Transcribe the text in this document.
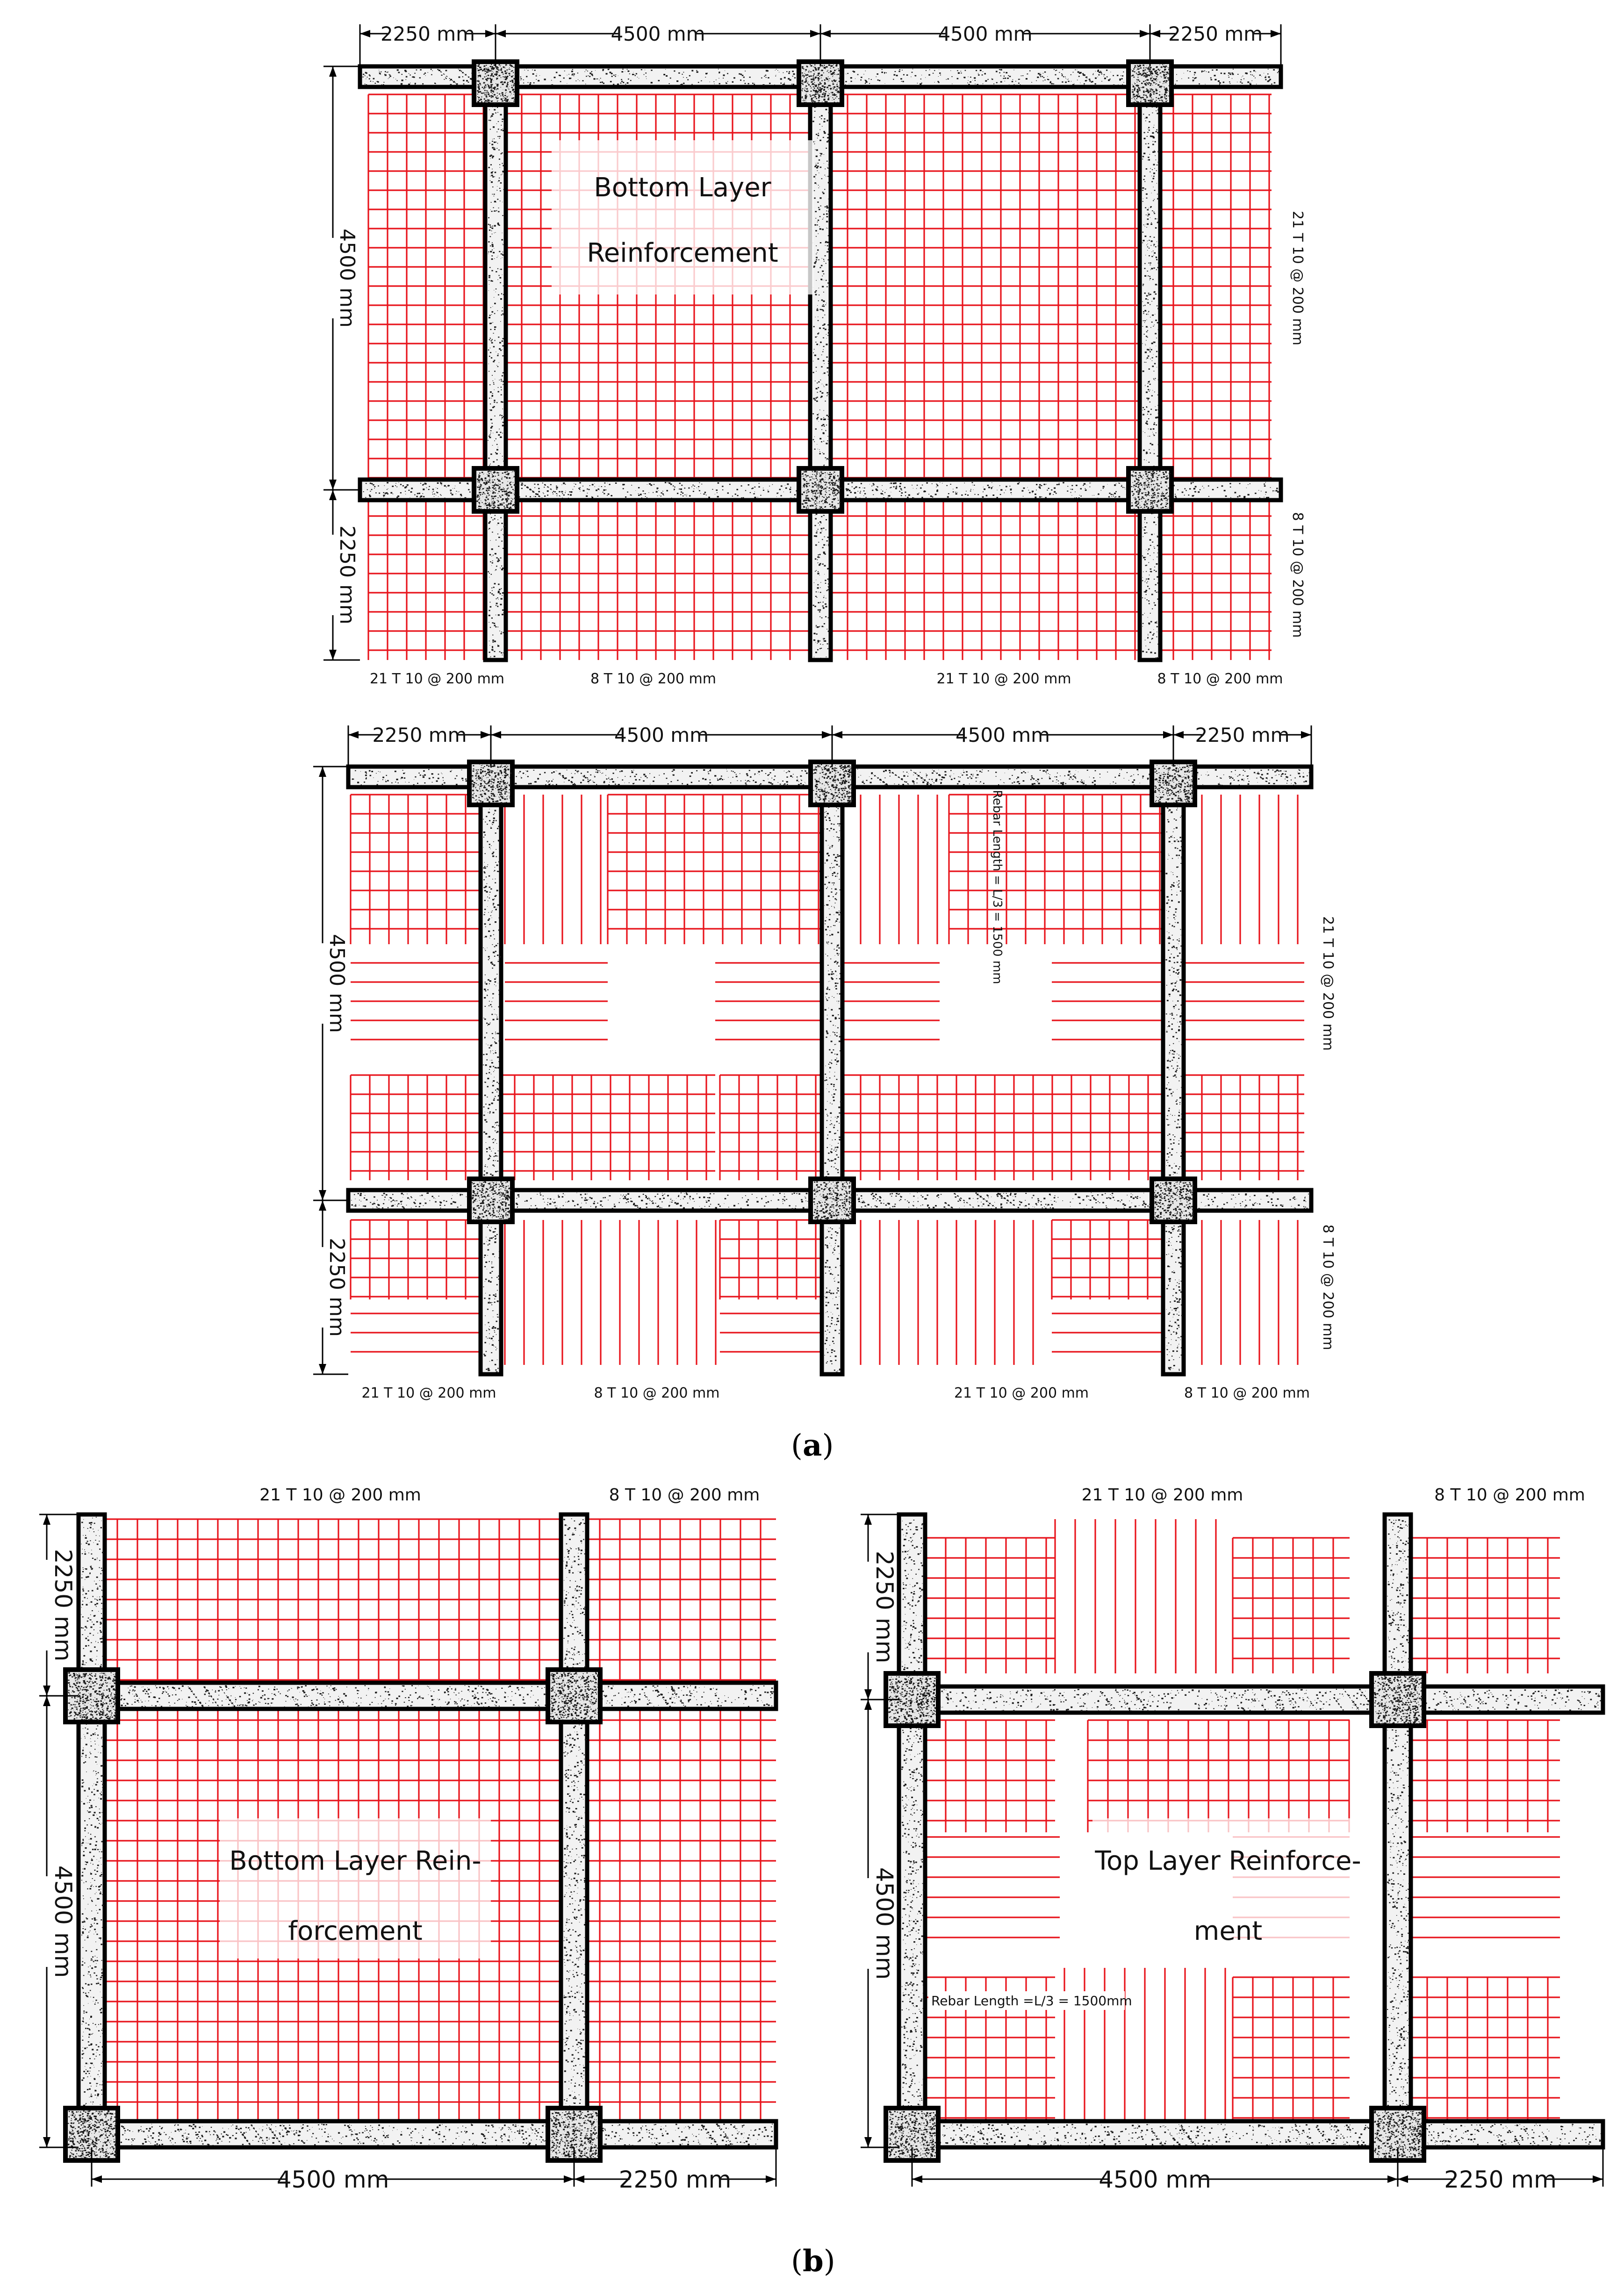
2250 mm	4500 mm	4500 mm	2250 mm
4500 mm
2250 mm
21 T 10 @ 200 mm
8 T 10 @ 200 mm
21 T 10 @ 200 mm	8 T 10 @ 200 mm	21 T 10 @ 200 mm	8 T 10 @ 200 mm
Bottom Layer
Reinforcement
2250 mm	4500 mm	4500 mm	2250 mm
4500 mm
2250 mm
21 T 10 @ 200 mm
8 T 10 @ 200 mm
21 T 10 @ 200 mm	8 T 10 @ 200 mm	21 T 10 @ 200 mm	8 T 10 @ 200 mm
Rebar Length = L/3 = 1500 mm
(a)
2250 mm
4500 mm
4500 mm	2250 mm
21 T 10 @ 200 mm	8 T 10 @ 200 mm
Bottom Layer Rein-
forcement
2250 mm
4500 mm
4500 mm	2250 mm
21 T 10 @ 200 mm	8 T 10 @ 200 mm
Top Layer Reinforce-
ment
Rebar Length =L/3 = 1500mm
(b)
